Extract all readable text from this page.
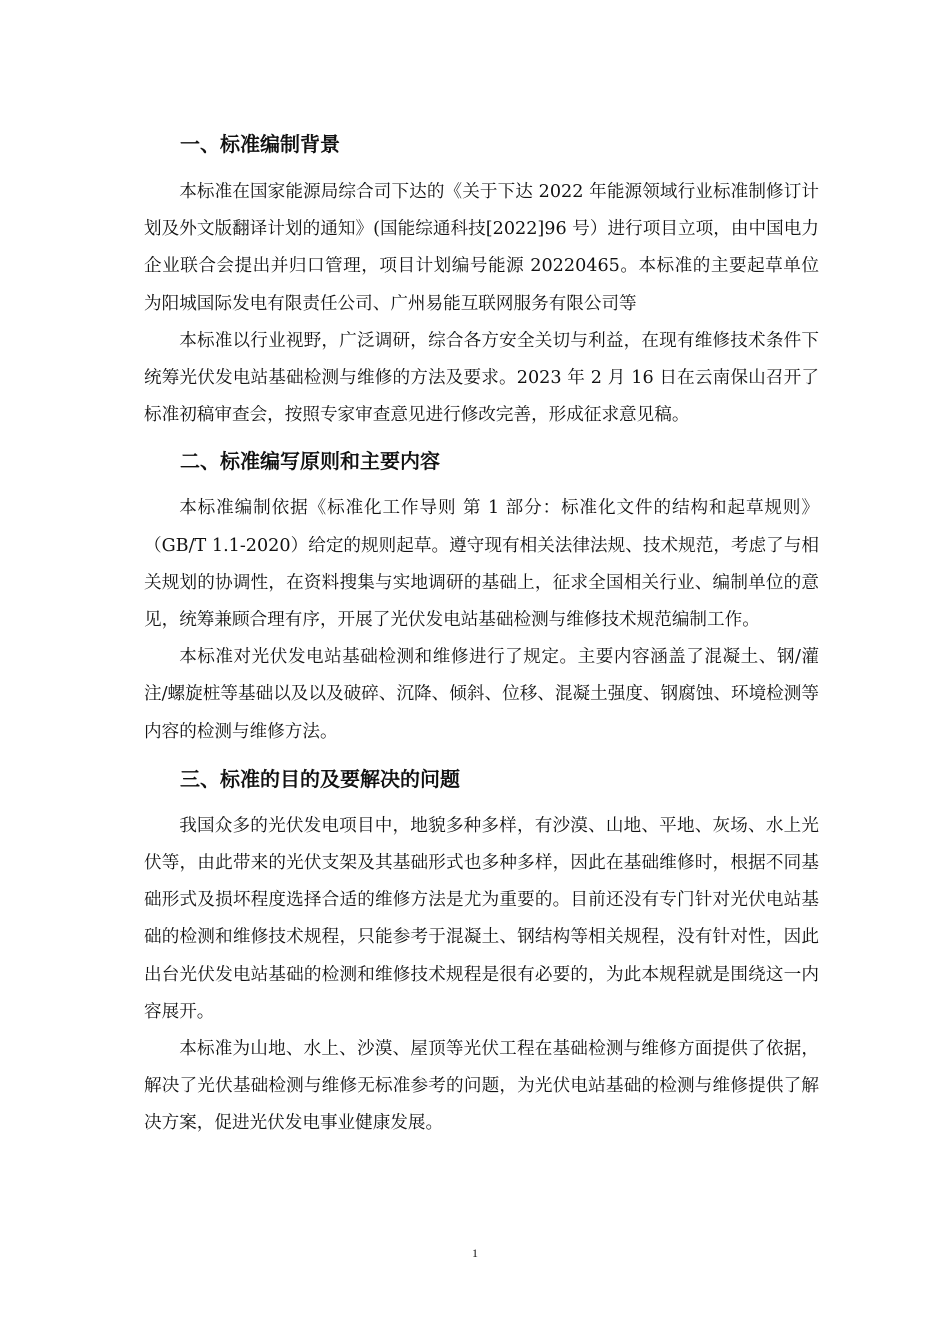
一、标准编制背景

本标准在国家能源局综合司下达的《关于下达 2022 年能源领域行业标准制修订计划及外文版翻译计划的通知》(国能综通科技[2022]96 号）进行项目立项，由中国电力企业联合会提出并归口管理，项目计划编号能源 20220465。本标准的主要起草单位为阳城国际发电有限责任公司、广州易能互联网服务有限公司等

本标准以行业视野，广泛调研，综合各方安全关切与利益，在现有维修技术条件下统筹光伏发电站基础检测与维修的方法及要求。2023 年 2 月 16 日在云南保山召开了标准初稿审查会，按照专家审查意见进行修改完善，形成征求意见稿。

二、标准编写原则和主要内容

本标准编制依据《标准化工作导则 第 1 部分：标准化文件的结构和起草规则》（GB/T 1.1-2020）给定的规则起草。遵守现有相关法律法规、技术规范，考虑了与相关规划的协调性，在资料搜集与实地调研的基础上，征求全国相关行业、编制单位的意见，统筹兼顾合理有序，开展了光伏发电站基础检测与维修技术规范编制工作。

本标准对光伏发电站基础检测和维修进行了规定。主要内容涵盖了混凝土、钢/灌注/螺旋桩等基础以及以及破碎、沉降、倾斜、位移、混凝土强度、钢腐蚀、环境检测等内容的检测与维修方法。

三、标准的目的及要解决的问题

我国众多的光伏发电项目中，地貌多种多样，有沙漠、山地、平地、灰场、水上光伏等，由此带来的光伏支架及其基础形式也多种多样，因此在基础维修时，根据不同基础形式及损坏程度选择合适的维修方法是尤为重要的。目前还没有专门针对光伏电站基础的检测和维修技术规程，只能参考于混凝土、钢结构等相关规程，没有针对性，因此出台光伏发电站基础的检测和维修技术规程是很有必要的，为此本规程就是围绕这一内容展开。

本标准为山地、水上、沙漠、屋顶等光伏工程在基础检测与维修方面提供了依据，解决了光伏基础检测与维修无标准参考的问题，为光伏电站基础的检测与维修提供了解决方案，促进光伏发电事业健康发展。

1
